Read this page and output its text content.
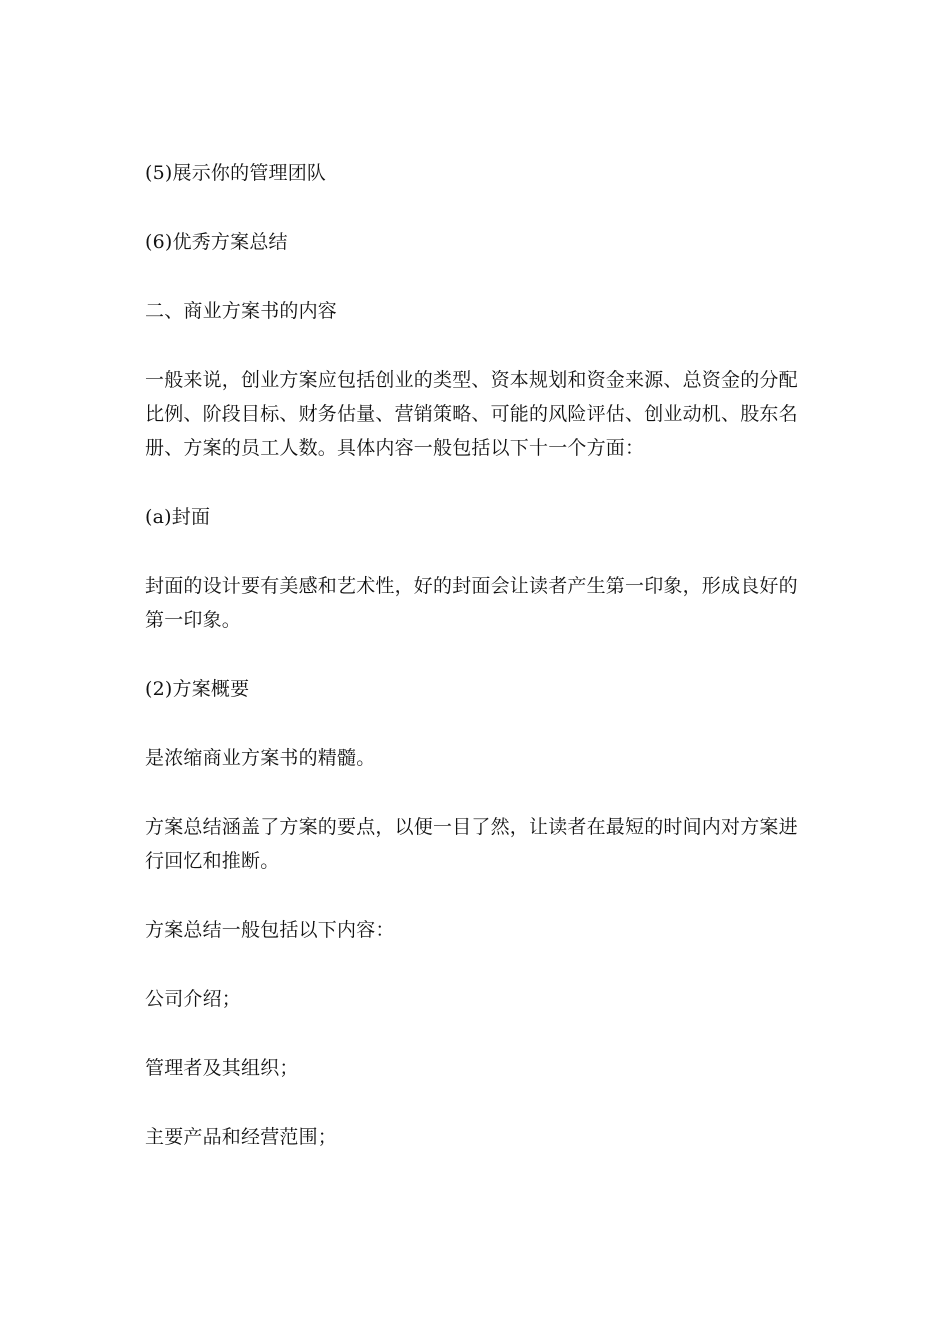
(5)展示你的管理团队

(6)优秀方案总结

二、商业方案书的内容

一般来说，创业方案应包括创业的类型、资本规划和资金来源、总资金的分配比例、阶段目标、财务估量、营销策略、可能的风险评估、创业动机、股东名册、方案的员工人数。具体内容一般包括以下十一个方面：

(a)封面

封面的设计要有美感和艺术性，好的封面会让读者产生第一印象，形成良好的第一印象。

(2)方案概要

是浓缩商业方案书的精髓。

方案总结涵盖了方案的要点，以便一目了然，让读者在最短的时间内对方案进行回忆和推断。

方案总结一般包括以下内容：

公司介绍；

管理者及其组织；

主要产品和经营范围；
